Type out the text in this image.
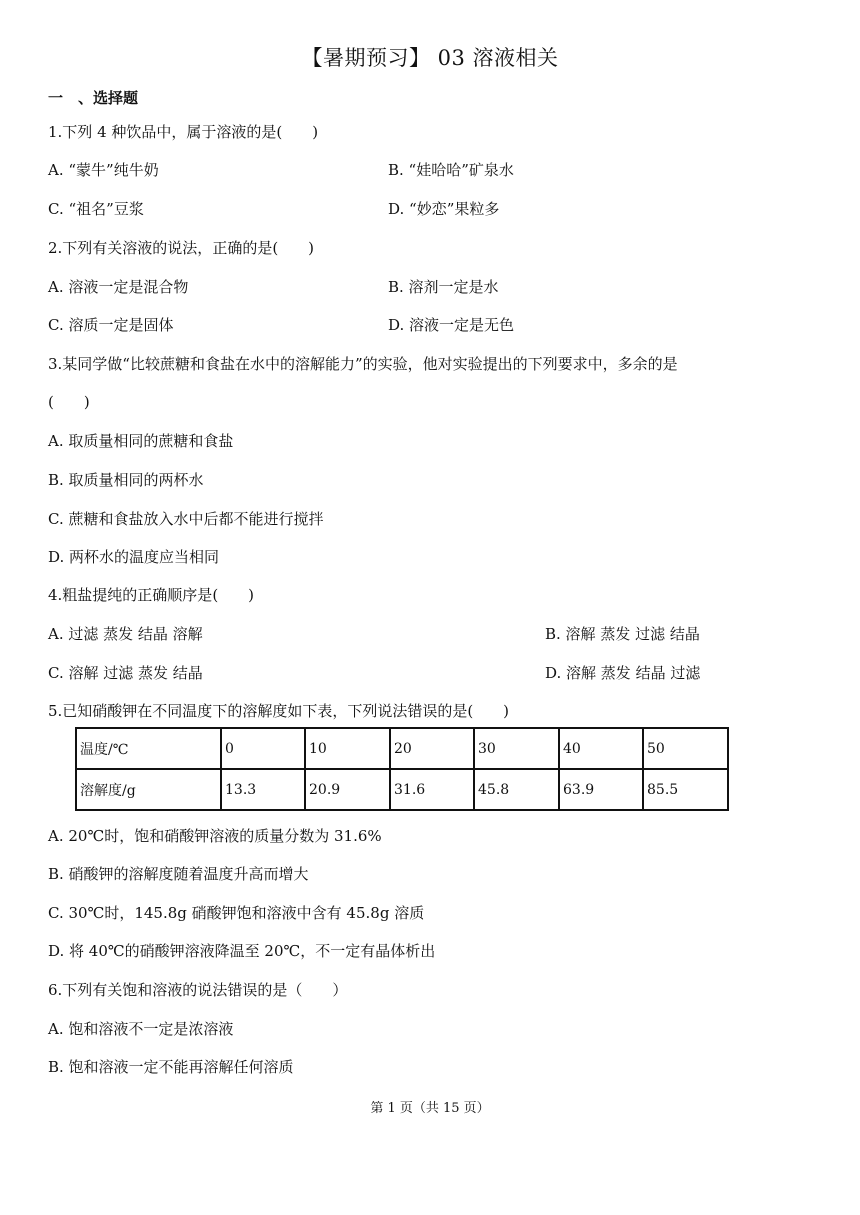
【暑期预习】 03 溶液相关
一　、选择题
1.下列 4 种饮品中，属于溶液的是(　　)
A. “蒙牛”纯牛奶	B. “娃哈哈”矿泉水
C. “祖名”豆浆	D. “妙恋”果粒多
2.下列有关溶液的说法，正确的是(　　)
A. 溶液一定是混合物	B. 溶剂一定是水
C. 溶质一定是固体	D. 溶液一定是无色
3.某同学做“比较蔗糖和食盐在水中的溶解能力”的实验，他对实验提出的下列要求中，多余的是
(　　)
A. 取质量相同的蔗糖和食盐
B. 取质量相同的两杯水
C. 蔗糖和食盐放入水中后都不能进行搅拌
D. 两杯水的温度应当相同
4.粗盐提纯的正确顺序是(　　)
A. 过滤 蒸发 结晶 溶解	B. 溶解 蒸发 过滤 结晶
C. 溶解 过滤 蒸发 结晶	D. 溶解 蒸发 结晶 过滤
5.已知硝酸钾在不同温度下的溶解度如下表，下列说法错误的是(　　)
温度/℃	0	10	20	30	40	50
溶解度/g	13.3	20.9	31.6	45.8	63.9	85.5
A. 20℃时，饱和硝酸钾溶液的质量分数为 31.6%
B. 硝酸钾的溶解度随着温度升高而增大
C. 30℃时，145.8g 硝酸钾饱和溶液中含有 45.8g 溶质
D. 将 40℃的硝酸钾溶液降温至 20℃，不一定有晶体析出
6.下列有关饱和溶液的说法错误的是（　　）
A. 饱和溶液不一定是浓溶液
B. 饱和溶液一定不能再溶解任何溶质
第 1 页（共 15 页）
